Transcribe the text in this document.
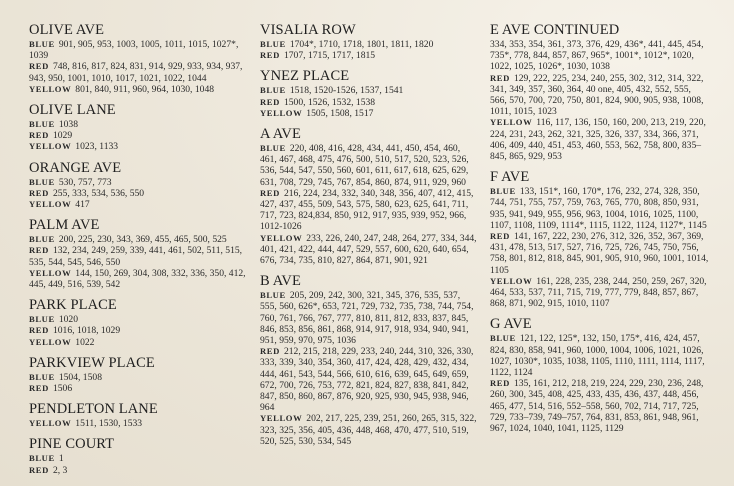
OLIVE AVE
BLUE 901, 905, 953, 1003, 1005, 1011, 1015, 1027*, 1039
RED 748, 816, 817, 824, 831, 914, 929, 933, 934, 937, 943, 950, 1001, 1010, 1017, 1021, 1022, 1044
YELLOW 801, 840, 911, 960, 964, 1030, 1048
OLIVE LANE
BLUE 1038
RED 1029
YELLOW 1023, 1133
ORANGE AVE
BLUE 530, 757, 773
RED 255, 333, 534, 536, 550
YELLOW 417
PALM AVE
BLUE 200, 225, 230, 343, 369, 455, 465, 500, 525
RED 132, 234, 249, 259, 339, 441, 461, 502, 511, 515, 535, 544, 545, 546, 550
YELLOW 144, 150, 269, 304, 308, 332, 336, 350, 412, 445, 449, 516, 539, 542
PARK PLACE
BLUE 1020
RED 1016, 1018, 1029
YELLOW 1022
PARKVIEW PLACE
BLUE 1504, 1508
RED 1506
PENDLETON LANE
YELLOW 1511, 1530, 1533
PINE COURT
BLUE 1
RED 2, 3
VISALIA ROW
BLUE 1704*, 1710, 1718, 1801, 1811, 1820
RED 1707, 1715, 1717, 1815
YNEZ PLACE
BLUE 1518, 1520-1526, 1537, 1541
RED 1500, 1526, 1532, 1538
YELLOW 1505, 1508, 1517
A AVE
BLUE 220, 408, 416, 428, 434, 441, 450, 454, 460, 461, 467, 468, 475, 476, 500, 510, 517, 520, 523, 526, 536, 544, 547, 550, 560, 601, 611, 617, 618, 625, 629, 631, 708, 729, 745, 767, 854, 860, 874, 911, 929, 960
RED 216, 224, 234, 332, 340, 348, 356, 407, 412, 415, 427, 437, 455, 509, 543, 575, 580, 623, 625, 641, 711, 717, 723, 824,834, 850, 912, 917, 935, 939, 952, 966, 1012-1026
YELLOW 233, 226, 240, 247, 248, 264, 277, 334, 344, 401, 421, 422, 444, 447, 529, 557, 600, 620, 640, 654, 676, 734, 735, 810, 827, 864, 871, 901, 921
B AVE
BLUE 205, 209, 242, 300, 321, 345, 376, 535, 537, 555, 560, 626*, 653, 721, 729, 732, 735, 738, 744, 754, 760, 761, 766, 767, 777, 810, 811, 812, 833, 837, 845, 846, 853, 856, 861, 868, 914, 917, 918, 934, 940, 941, 951, 959, 970, 975, 1036
RED 212, 215, 218, 229, 233, 240, 244, 310, 326, 330, 333, 339, 340, 354, 360, 417, 424, 428, 429, 432, 434, 444, 461, 543, 544, 566, 610, 616, 639, 645, 649, 659, 672, 700, 726, 753, 772, 821, 824, 827, 838, 841, 842, 847, 850, 860, 867, 876, 920, 925, 930, 945, 938, 946, 964
YELLOW 202, 217, 225, 239, 251, 260, 265, 315, 322, 323, 325, 356, 405, 436, 448, 468, 470, 477, 510, 519, 520, 525, 530, 534, 545
E AVE CONTINUED
334, 353, 354, 361, 373, 376, 429, 436*, 441, 445, 454, 735*, 778, 844, 857, 867, 965*, 1001*, 1012*, 1020, 1022, 1025, 1026*, 1030, 1038
RED 129, 222, 225, 234, 240, 255, 302, 312, 314, 322, 341, 349, 357, 360, 364, 40 one, 405, 432, 552, 555, 566, 570, 700, 720, 750, 801, 824, 900, 905, 938, 1008, 1011, 1015, 1023
YELLOW 116, 117, 136, 150, 160, 200, 213, 219, 220, 224, 231, 243, 262, 321, 325, 326, 337, 334, 366, 371, 406, 409, 440, 451, 453, 460, 553, 562, 758, 800, 835–845, 865, 929, 953
F AVE
BLUE 133, 151*, 160, 170*, 176, 232, 274, 328, 350, 744, 751, 755, 757, 759, 763, 765, 770, 808, 850, 931, 935, 941, 949, 955, 956, 963, 1004, 1016, 1025, 1100, 1107, 1108, 1109, 1114*, 1115, 1122, 1124, 1127*, 1145
RED 141, 167, 222, 230, 276, 312, 326, 352, 367, 369, 431, 478, 513, 517, 527, 716, 725, 726, 745, 750, 756, 758, 801, 812, 818, 845, 901, 905, 910, 960, 1001, 1014, 1105
YELLOW 161, 228, 235, 238, 244, 250, 259, 267, 320, 464, 533, 537, 711, 715, 719, 777, 779, 848, 857, 867, 868, 871, 902, 915, 1010, 1107
G AVE
BLUE 121, 122, 125*, 132, 150, 175*, 416, 424, 457, 824, 830, 858, 941, 960, 1000, 1004, 1006, 1021, 1026, 1027, 1030*, 1035, 1038, 1105, 1110, 1111, 1114, 1117, 1122, 1124
RED 135, 161, 212, 218, 219, 224, 229, 230, 236, 248, 260, 300, 345, 408, 425, 433, 435, 436, 437, 448, 456, 465, 477, 514, 516, 552–558, 560, 702, 714, 717, 725, 729, 733–739, 749–757, 764, 831, 853, 861, 948, 961, 967, 1024, 1040, 1041, 1125, 1129
